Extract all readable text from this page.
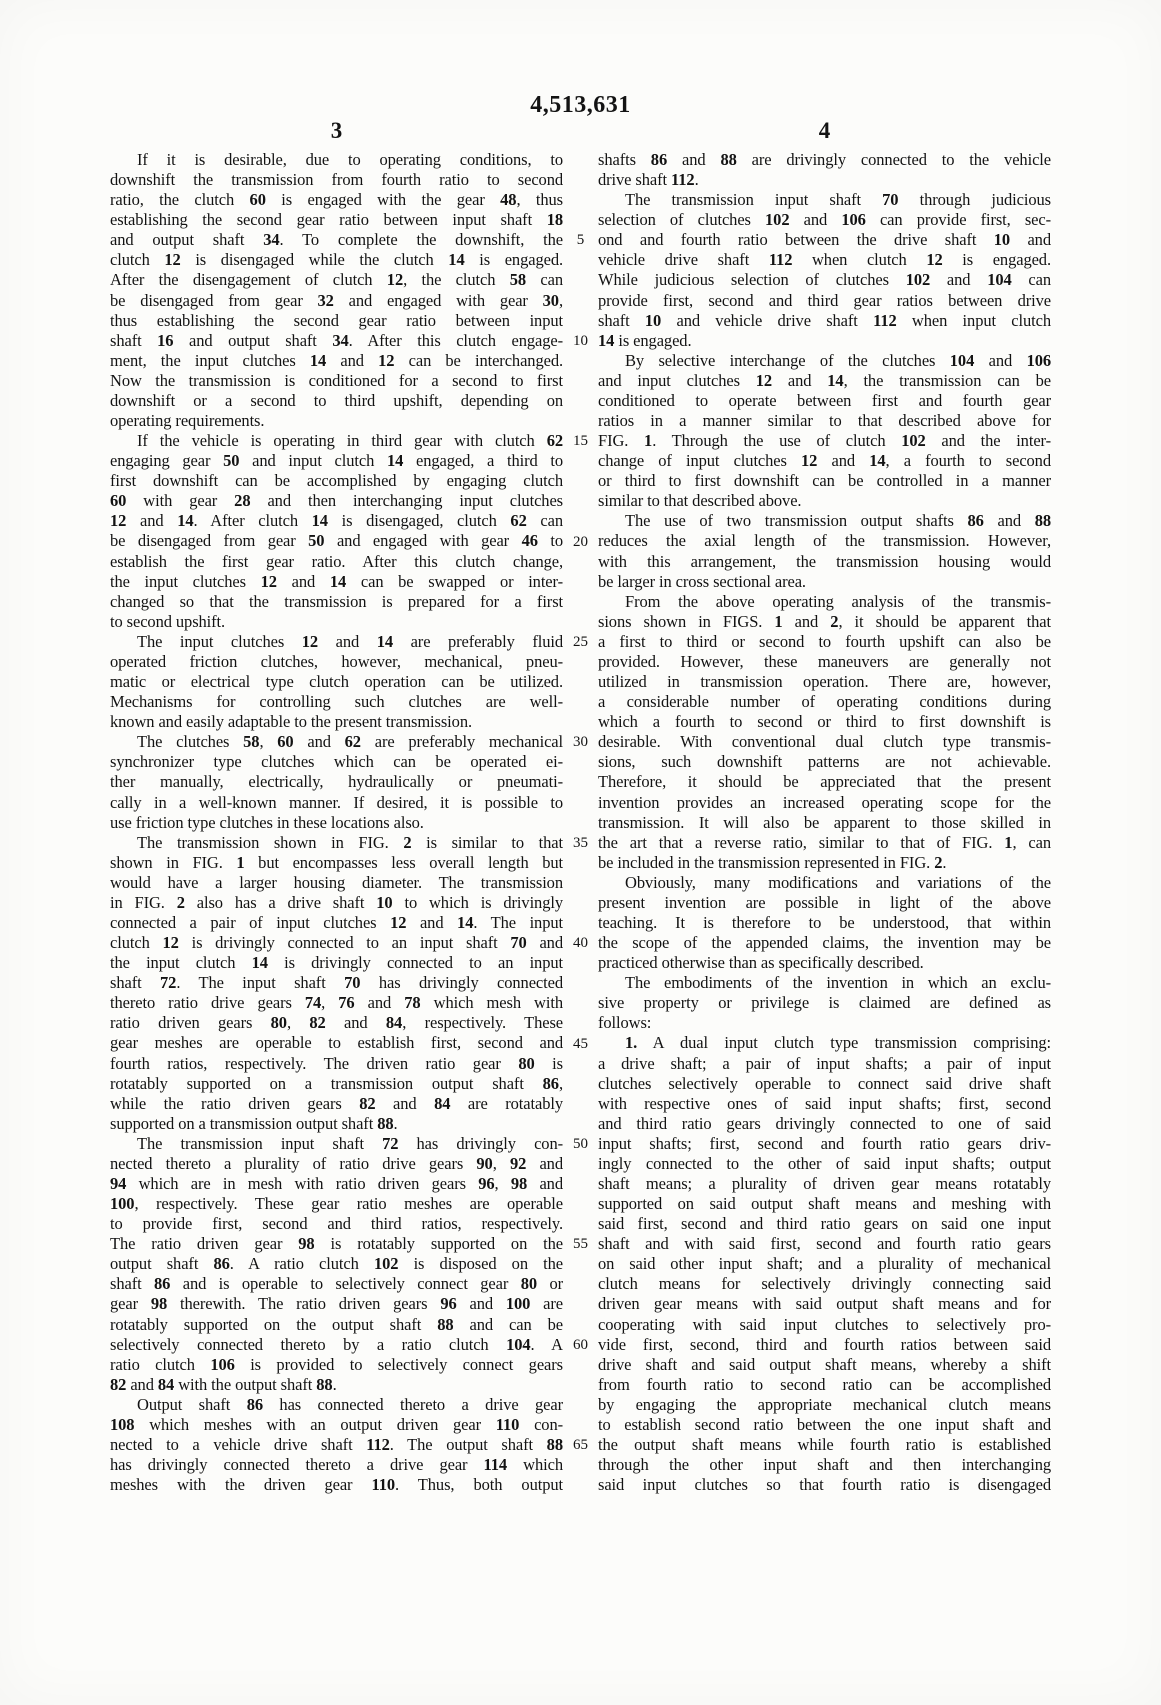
4,513,631
3
If it is desirable, due to operating conditions, to
downshift the transmission from fourth ratio to second
ratio, the clutch 60 is engaged with the gear 48, thus
establishing the second gear ratio between input shaft 18
and output shaft 34. To complete the downshift, the
clutch 12 is disengaged while the clutch 14 is engaged.
After the disengagement of clutch 12, the clutch 58 can
be disengaged from gear 32 and engaged with gear 30,
thus establishing the second gear ratio between input
shaft 16 and output shaft 34. After this clutch engage-
ment, the input clutches 14 and 12 can be interchanged.
Now the transmission is conditioned for a second to first
downshift or a second to third upshift, depending on
operating requirements.
If the vehicle is operating in third gear with clutch 62
engaging gear 50 and input clutch 14 engaged, a third to
first downshift can be accomplished by engaging clutch
60 with gear 28 and then interchanging input clutches
12 and 14. After clutch 14 is disengaged, clutch 62 can
be disengaged from gear 50 and engaged with gear 46 to
establish the first gear ratio. After this clutch change,
the input clutches 12 and 14 can be swapped or inter-
changed so that the transmission is prepared for a first
to second upshift.
The input clutches 12 and 14 are preferably fluid
operated friction clutches, however, mechanical, pneu-
matic or electrical type clutch operation can be utilized.
Mechanisms for controlling such clutches are well-
known and easily adaptable to the present transmission.
The clutches 58, 60 and 62 are preferably mechanical
synchronizer type clutches which can be operated ei-
ther manually, electrically, hydraulically or pneumati-
cally in a well-known manner. If desired, it is possible to
use friction type clutches in these locations also.
The transmission shown in FIG. 2 is similar to that
shown in FIG. 1 but encompasses less overall length but
would have a larger housing diameter. The transmission
in FIG. 2 also has a drive shaft 10 to which is drivingly
connected a pair of input clutches 12 and 14. The input
clutch 12 is drivingly connected to an input shaft 70 and
the input clutch 14 is drivingly connected to an input
shaft 72. The input shaft 70 has drivingly connected
thereto ratio drive gears 74, 76 and 78 which mesh with
ratio driven gears 80, 82 and 84, respectively. These
gear meshes are operable to establish first, second and
fourth ratios, respectively. The driven ratio gear 80 is
rotatably supported on a transmission output shaft 86,
while the ratio driven gears 82 and 84 are rotatably
supported on a transmission output shaft 88.
The transmission input shaft 72 has drivingly con-
nected thereto a plurality of ratio drive gears 90, 92 and
94 which are in mesh with ratio driven gears 96, 98 and
100, respectively. These gear ratio meshes are operable
to provide first, second and third ratios, respectively.
The ratio driven gear 98 is rotatably supported on the
output shaft 86. A ratio clutch 102 is disposed on the
shaft 86 and is operable to selectively connect gear 80 or
gear 98 therewith. The ratio driven gears 96 and 100 are
rotatably supported on the output shaft 88 and can be
selectively connected thereto by a ratio clutch 104. A
ratio clutch 106 is provided to selectively connect gears
82 and 84 with the output shaft 88.
Output shaft 86 has connected thereto a drive gear
108 which meshes with an output driven gear 110 con-
nected to a vehicle drive shaft 112. The output shaft 88
has drivingly connected thereto a drive gear 114 which
meshes with the driven gear 110. Thus, both output
5
10
15
20
25
30
35
40
45
50
55
60
65
4
shafts 86 and 88 are drivingly connected to the vehicle
drive shaft 112.
The transmission input shaft 70 through judicious
selection of clutches 102 and 106 can provide first, sec-
ond and fourth ratio between the drive shaft 10 and
vehicle drive shaft 112 when clutch 12 is engaged.
While judicious selection of clutches 102 and 104 can
provide first, second and third gear ratios between drive
shaft 10 and vehicle drive shaft 112 when input clutch
14 is engaged.
By selective interchange of the clutches 104 and 106
and input clutches 12 and 14, the transmission can be
conditioned to operate between first and fourth gear
ratios in a manner similar to that described above for
FIG. 1. Through the use of clutch 102 and the inter-
change of input clutches 12 and 14, a fourth to second
or third to first downshift can be controlled in a manner
similar to that described above.
The use of two transmission output shafts 86 and 88
reduces the axial length of the transmission. However,
with this arrangement, the transmission housing would
be larger in cross sectional area.
From the above operating analysis of the transmis-
sions shown in FIGS. 1 and 2, it should be apparent that
a first to third or second to fourth upshift can also be
provided. However, these maneuvers are generally not
utilized in transmission operation. There are, however,
a considerable number of operating conditions during
which a fourth to second or third to first downshift is
desirable. With conventional dual clutch type transmis-
sions, such downshift patterns are not achievable.
Therefore, it should be appreciated that the present
invention provides an increased operating scope for the
transmission. It will also be apparent to those skilled in
the art that a reverse ratio, similar to that of FIG. 1, can
be included in the transmission represented in FIG. 2.
Obviously, many modifications and variations of the
present invention are possible in light of the above
teaching. It is therefore to be understood, that within
the scope of the appended claims, the invention may be
practiced otherwise than as specifically described.
The embodiments of the invention in which an exclu-
sive property or privilege is claimed are defined as
follows:
1. A dual input clutch type transmission comprising:
a drive shaft; a pair of input shafts; a pair of input
clutches selectively operable to connect said drive shaft
with respective ones of said input shafts; first, second
and third ratio gears drivingly connected to one of said
input shafts; first, second and fourth ratio gears driv-
ingly connected to the other of said input shafts; output
shaft means; a plurality of driven gear means rotatably
supported on said output shaft means and meshing with
said first, second and third ratio gears on said one input
shaft and with said first, second and fourth ratio gears
on said other input shaft; and a plurality of mechanical
clutch means for selectively drivingly connecting said
driven gear means with said output shaft means and for
cooperating with said input clutches to selectively pro-
vide first, second, third and fourth ratios between said
drive shaft and said output shaft means, whereby a shift
from fourth ratio to second ratio can be accomplished
by engaging the appropriate mechanical clutch means
to establish second ratio between the one input shaft and
the output shaft means while fourth ratio is established
through the other input shaft and then interchanging
said input clutches so that fourth ratio is disengaged
